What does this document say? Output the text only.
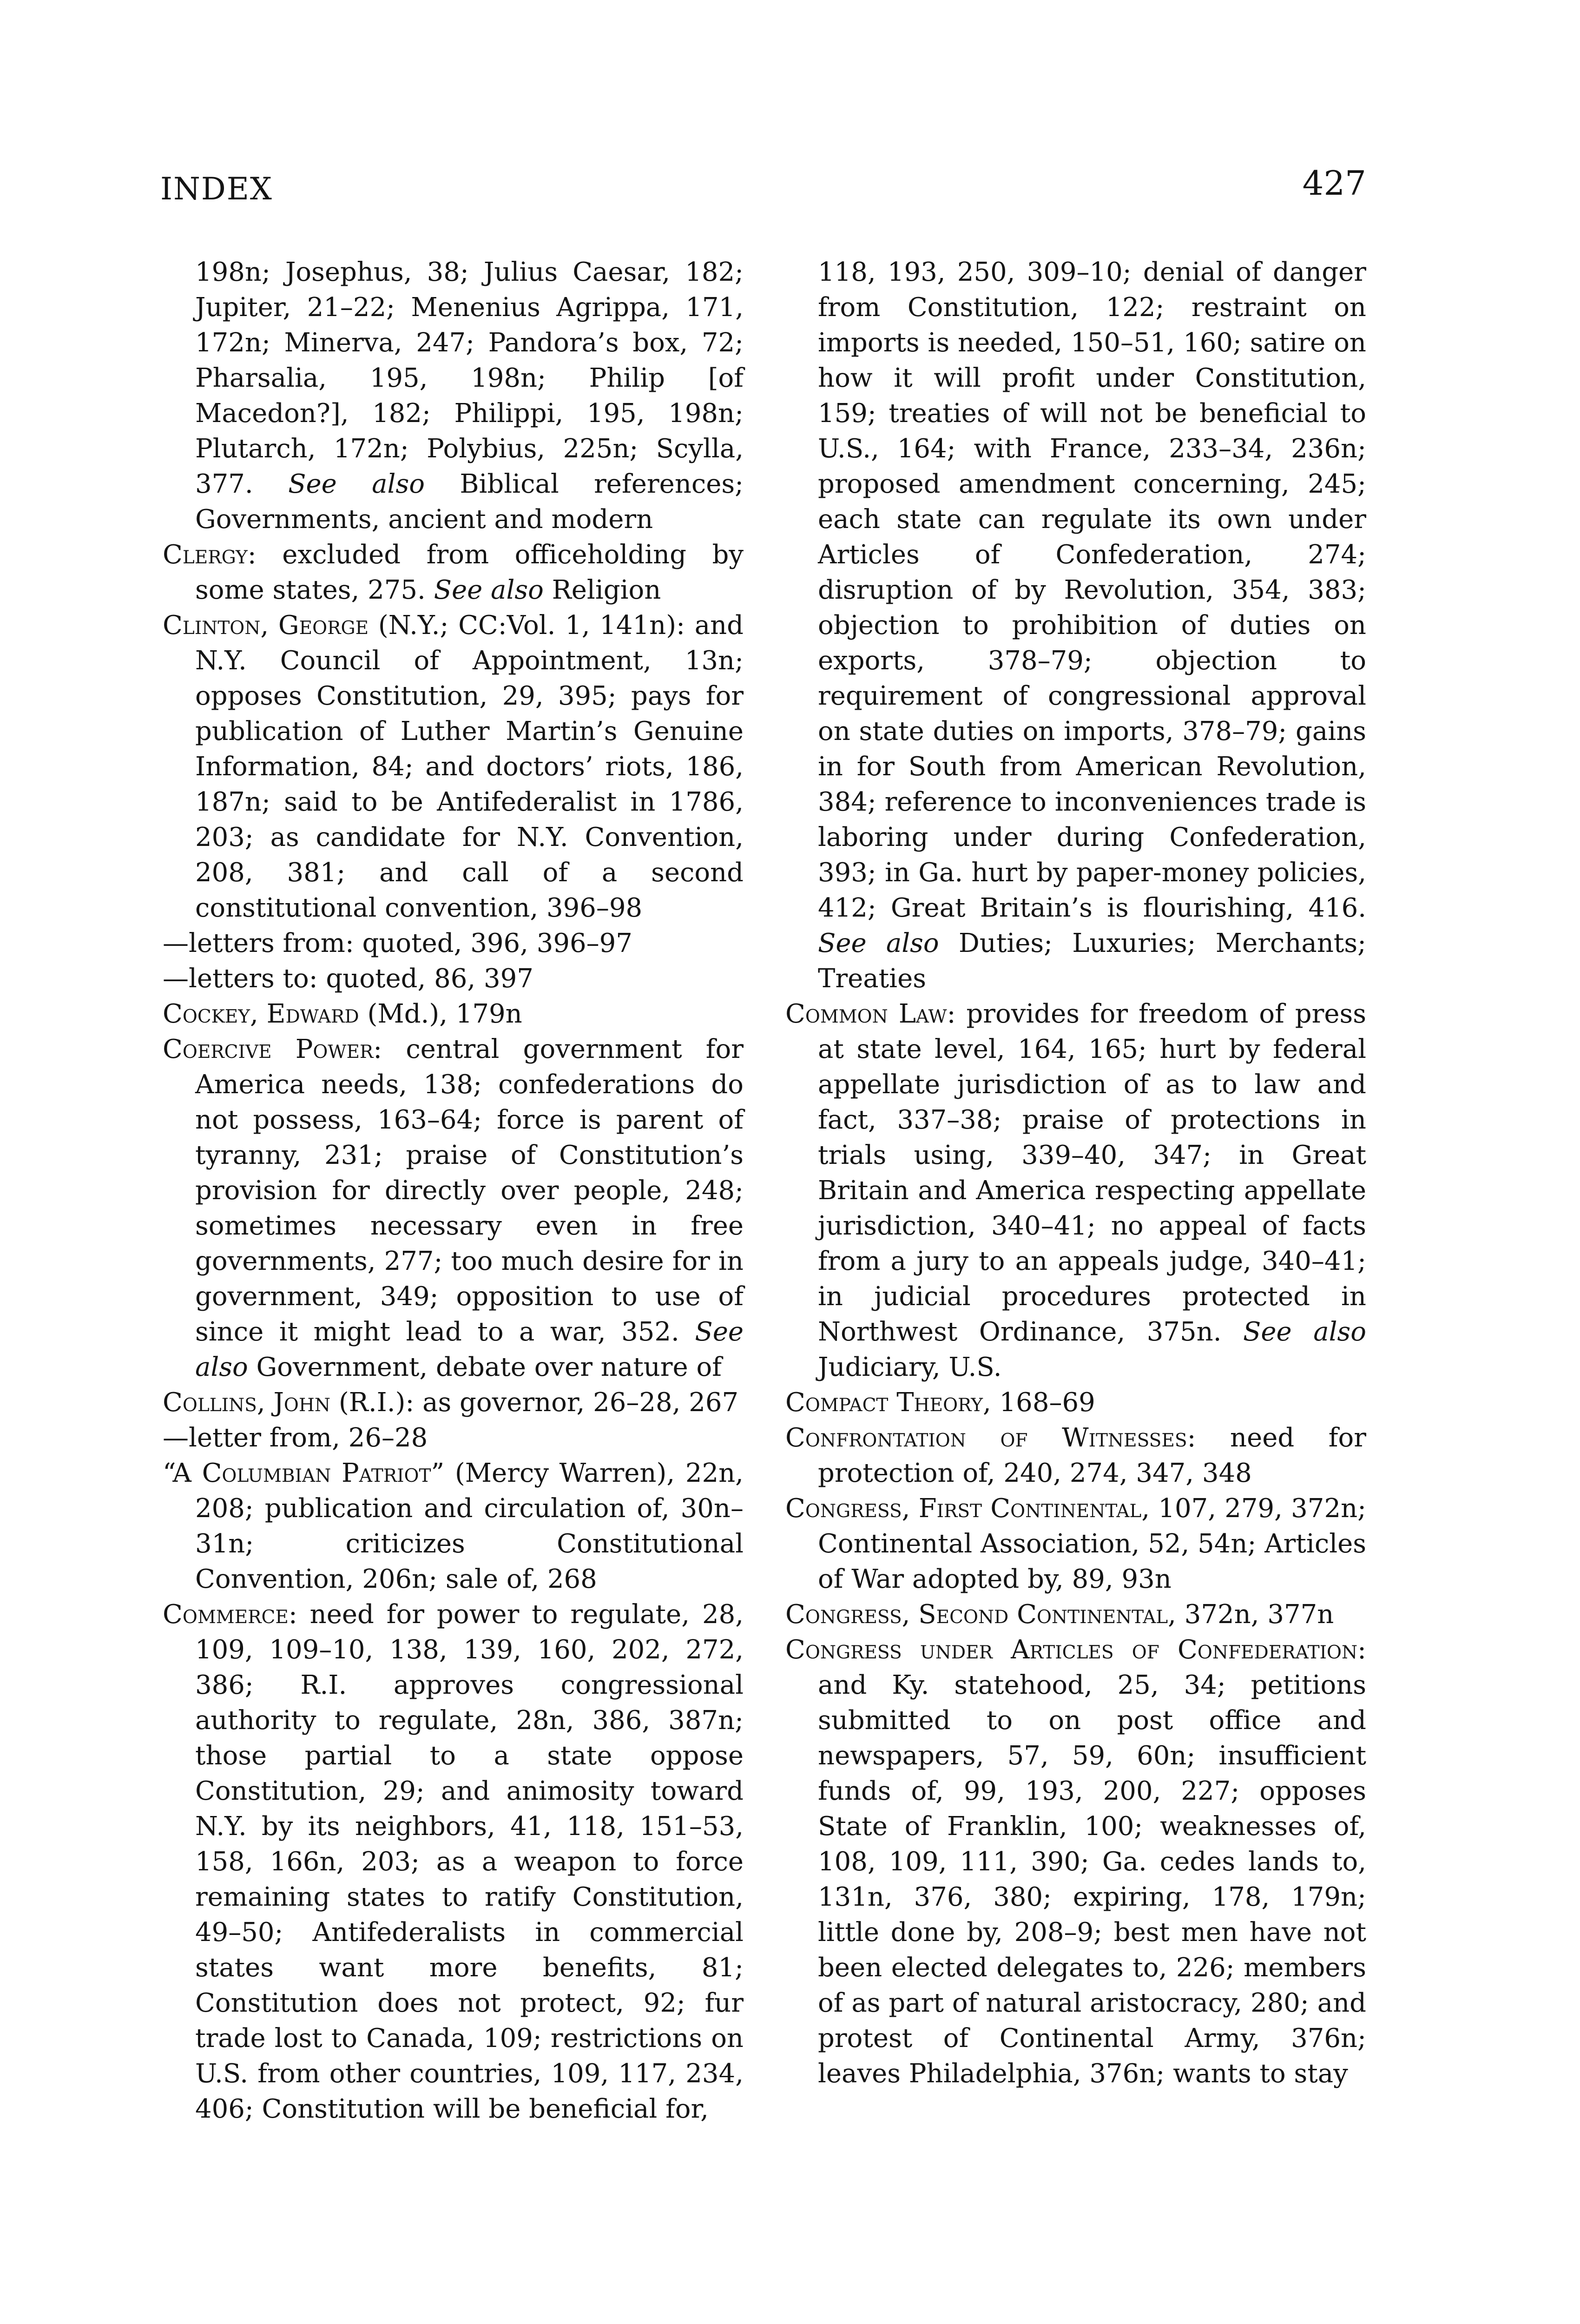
INDEX	427

198n; Josephus, 38; Julius Caesar, 182; Jupiter, 21–22; Menenius Agrippa, 171, 172n; Minerva, 247; Pandora’s box, 72; Pharsalia, 195, 198n; Philip [of Macedon?], 182; Philippi, 195, 198n; Plutarch, 172n; Polybius, 225n; Scylla, 377. See also Biblical references; Governments, ancient and modern

Clergy: excluded from officeholding by some states, 275. See also Religion

Clinton, George (N.Y.; CC:Vol. 1, 141n): and N.Y. Council of Appointment, 13n; opposes Constitution, 29, 395; pays for publication of Luther Martin’s Genuine Information, 84; and doctors’ riots, 186, 187n; said to be Antifederalist in 1786, 203; as candidate for N.Y. Convention, 208, 381; and call of a second constitutional convention, 396–98

—letters from: quoted, 396, 396–97

—letters to: quoted, 86, 397

Cockey, Edward (Md.), 179n

Coercive Power: central government for America needs, 138; confederations do not possess, 163–64; force is parent of tyranny, 231; praise of Constitution’s provision for directly over people, 248; sometimes necessary even in free governments, 277; too much desire for in government, 349; opposition to use of since it might lead to a war, 352. See also Government, debate over nature of

Collins, John (R.I.): as governor, 26–28, 267

—letter from, 26–28

“A Columbian Patriot” (Mercy Warren), 22n, 208; publication and circulation of, 30n–31n; criticizes Constitutional Convention, 206n; sale of, 268

Commerce: need for power to regulate, 28, 109, 109–10, 138, 139, 160, 202, 272, 386; R.I. approves congressional authority to regulate, 28n, 386, 387n; those partial to a state oppose Constitution, 29; and animosity toward N.Y. by its neighbors, 41, 118, 151–53, 158, 166n, 203; as a weapon to force remaining states to ratify Constitution, 49–50; Antifederalists in commercial states want more benefits, 81; Constitution does not protect, 92; fur trade lost to Canada, 109; restrictions on U.S. from other countries, 109, 117, 234, 406; Constitution will be beneficial for,

118, 193, 250, 309–10; denial of danger from Constitution, 122; restraint on imports is needed, 150–51, 160; satire on how it will profit under Constitution, 159; treaties of will not be beneficial to U.S., 164; with France, 233–34, 236n; proposed amendment concerning, 245; each state can regulate its own under Articles of Confederation, 274; disruption of by Revolution, 354, 383; objection to prohibition of duties on exports, 378–79; objection to requirement of congressional approval on state duties on imports, 378–79; gains in for South from American Revolution, 384; reference to inconveniences trade is laboring under during Confederation, 393; in Ga. hurt by paper-money policies, 412; Great Britain’s is flourishing, 416. See also Duties; Luxuries; Merchants; Treaties

Common Law: provides for freedom of press at state level, 164, 165; hurt by federal appellate jurisdiction of as to law and fact, 337–38; praise of protections in trials using, 339–40, 347; in Great Britain and America respecting appellate jurisdiction, 340–41; no appeal of facts from a jury to an appeals judge, 340–41; in judicial procedures protected in Northwest Ordinance, 375n. See also Judiciary, U.S.

Compact Theory, 168–69

Confrontation of Witnesses: need for protection of, 240, 274, 347, 348

Congress, First Continental, 107, 279, 372n; Continental Association, 52, 54n; Articles of War adopted by, 89, 93n

Congress, Second Continental, 372n, 377n

Congress under Articles of Confederation: and Ky. statehood, 25, 34; petitions submitted to on post office and newspapers, 57, 59, 60n; insufficient funds of, 99, 193, 200, 227; opposes State of Franklin, 100; weaknesses of, 108, 109, 111, 390; Ga. cedes lands to, 131n, 376, 380; expiring, 178, 179n; little done by, 208–9; best men have not been elected delegates to, 226; members of as part of natural aristocracy, 280; and protest of Continental Army, 376n; leaves Philadelphia, 376n; wants to stay
